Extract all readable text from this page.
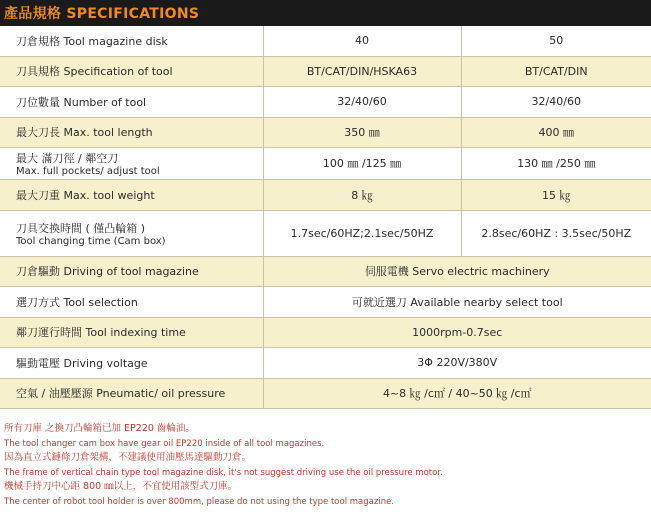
產品規格 SPECIFICATIONS
刀倉規格 Tool magazine disk	40	50
刀具規格 Specification of tool	BT/CAT/DIN/HSKA63	BT/CAT/DIN
刀位數量 Number of tool	32/40/60	32/40/60
最大刀長 Max. tool length	350 ㎜	400 ㎜
最大 滿刀徑 / 鄰空刀
Max. full pockets/ adjust tool	100 ㎜ /125 ㎜	130 ㎜ /250 ㎜
最大刀重 Max. tool weight	8 ㎏	15 ㎏
刀具交換時間 ( 僅凸輪箱 )
Tool changing time (Cam box)	1.7sec/60HZ;2.1sec/50HZ	2.8sec/60HZ : 3.5sec/50HZ
刀倉驅動 Driving of tool magazine	伺服電機 Servo electric machinery	
選刀方式 Tool selection	可就近選刀 Available nearby select tool	
鄰刀運行時間 Tool indexing time	1000rpm-0.7sec	
驅動電壓 Driving voltage	3Φ 220V/380V	
空氣 / 油壓壓源 Pneumatic/ oil pressure	4~8 ㎏ /c㎡ / 40~50 ㎏ /c㎡	
所有刀庫 之換刀凸輪箱已加 EP220 齒輪油。
The tool changer cam box have gear oil EP220 inside of all tool magazines.
因為直立式鏈條刀倉架構，不建議使用油壓馬達驅動刀倉。
The frame of vertical chain type tool magazine disk, it's not suggest driving use the oil pressure motor.
機械手持刀中心距 800 ㎜以上，不宜使用該型式刀庫。
The center of robot tool holder is over 800mm, please do not using the type tool magazine.
